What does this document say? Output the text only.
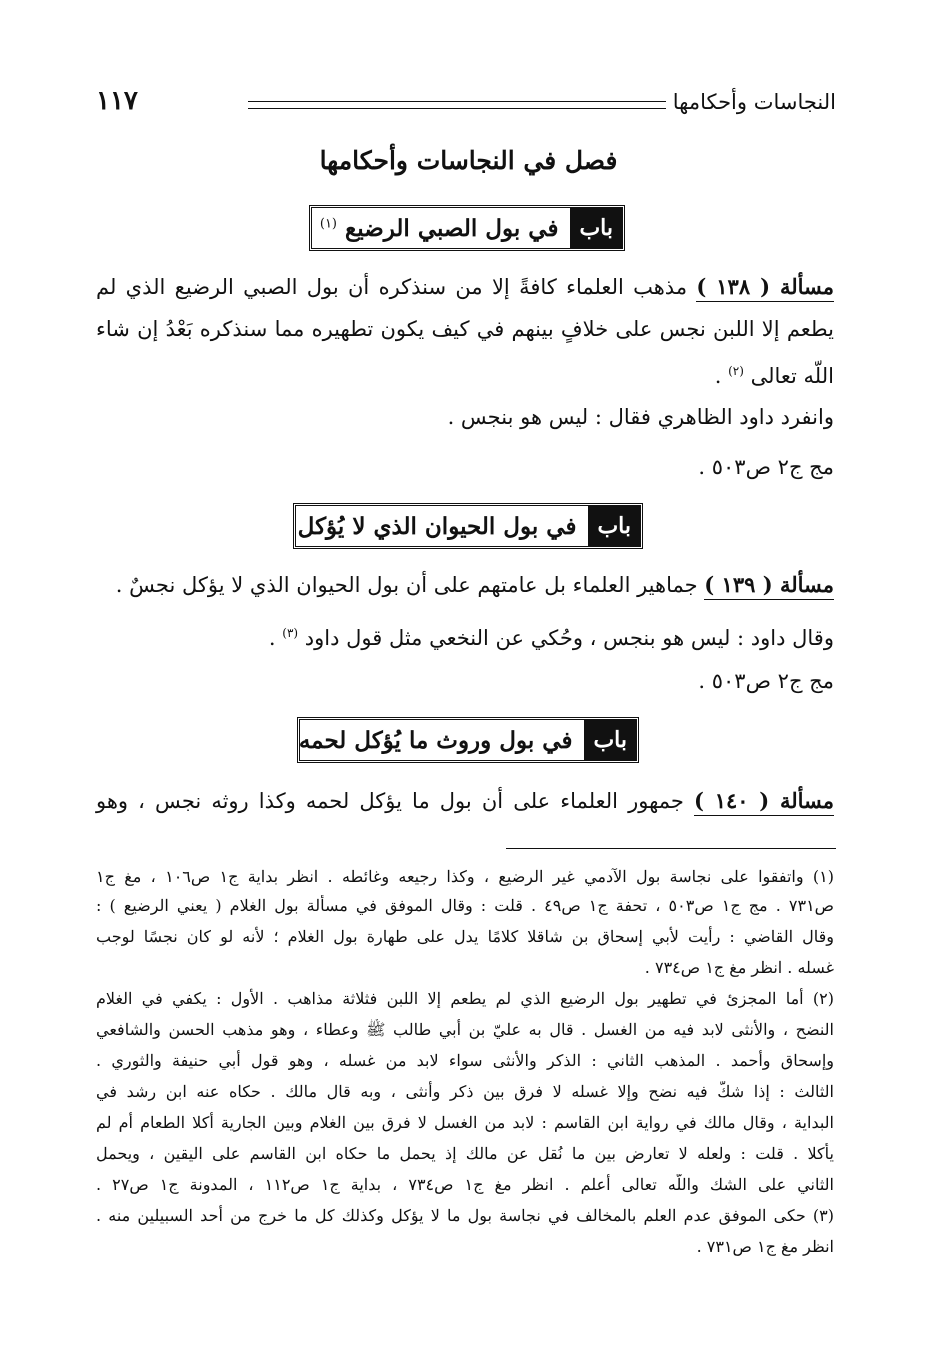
النجاسات وأحكامها
١١٧
فصل في النجاسات وأحكامها
باب
في بول الصبي الرضيع $^{(١)}$
مسألة ( ١٣٨ ) مذهب العلماء كافةً إلا من سنذكره أن بول الصبي الرضيع الذي لم
يطعم إلا اللبن نجس على خلافٍ بينهم في كيف يكون تطهيره مما سنذكره بَعْدُ إن شاء
اللّه تعالى $^{(٢)}$ .
وانفرد داود الظاهري فقال : ليس هو بنجس .
مج ج٢ ص٥٠٣ .
باب
في بول الحيوان الذي لا يُؤكل
مسألة ( ١٣٩ ) جماهير العلماء بل عامتهم على أن بول الحيوان الذي لا يؤكل نجسٌ .
وقال داود : ليس هو بنجس ، وحُكي عن النخعي مثل قول داود $^{(٣)}$ .
مج ج٢ ص٥٠٣ .
باب
في بول وروث ما يُؤكل لحمه
مسألة ( ١٤٠ ) جمهور العلماء على أن بول ما يؤكل لحمه وكذا روثه نجس ، وهو
(١) واتفقوا على نجاسة بول الآدمي غير الرضيع ، وكذا رجيعه وغائطه . انظر بداية ج١ ص١٠٦ ، مغ ج١
ص٧٣١ . مج ج١ ص٥٠٣ ، تحفة ج١ ص٤٩ . قلت : وقال الموفق في مسألة بول الغلام ( يعني الرضيع ) :
وقال القاضي : رأيت لأبي إسحاق بن شاقلا كلامًا يدل على طهارة بول الغلام ؛ لأنه لو كان نجسًا لوجب
غسله . انظر مغ ج١ ص٧٣٤ .
(٢) أما المجزئ في تطهير بول الرضيع الذي لم يطعم إلا اللبن فثلاثة مذاهب . الأول : يكفي في الغلام
النضح ، والأنثى لابد فيه من الغسل . قال به عليّ بن أبي طالب ﷺ وعطاء ، وهو مذهب الحسن والشافعي
وإسحاق وأحمد . المذهب الثاني : الذكر والأنثى سواء لابد من غسله ، وهو قول أبي حنيفة والثوري .
الثالث : إذا شكّ فيه نضح وإلا غسله لا فرق بين ذكر وأنثى ، وبه قال مالك . حكاه عنه ابن رشد في
البداية ، وقال مالك في رواية ابن القاسم : لابد من الغسل لا فرق بين الغلام وبين الجارية أكلا الطعام أم لم
يأكلا . قلت : ولعله لا تعارض بين ما نُقل عن مالك إذ يحمل ما حكاه ابن القاسم على اليقين ، ويحمل
الثاني على الشك واللّه تعالى أعلم . انظر مغ ج١ ص٧٣٤ ، بداية ج١ ص١١٢ ، المدونة ج١ ص٢٧ .
(٣) حكى الموفق عدم العلم بالمخالف في نجاسة بول ما لا يؤكل وكذلك كل ما خرج من أحد السبيلين منه .
انظر مغ ج١ ص٧٣١ .
